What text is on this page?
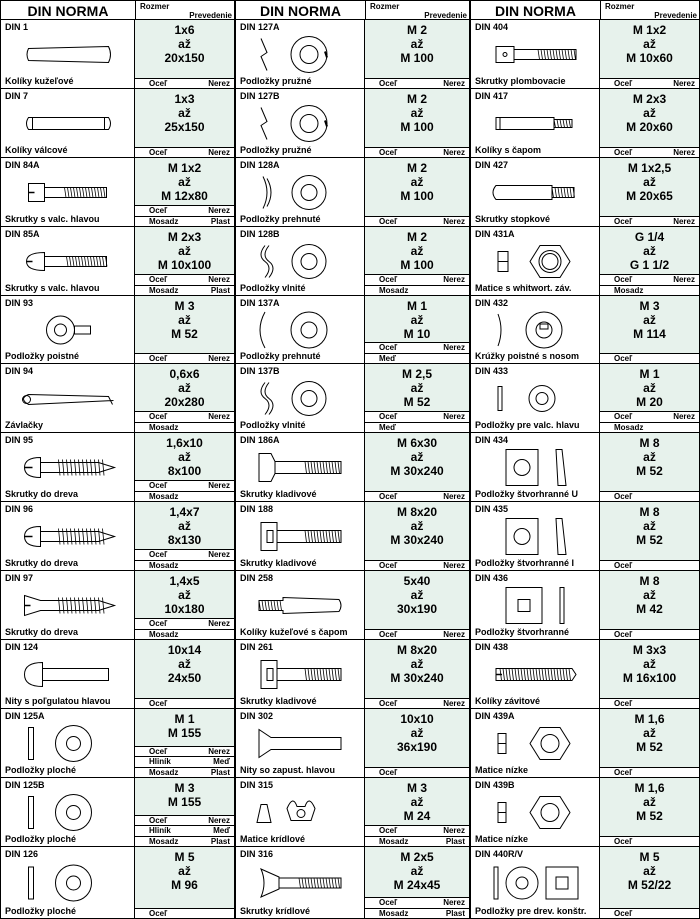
DIN NORMA	Rozmer
Prevedenie
DIN 1
Kolíky kužeľové
1x6
až
20x150
Oceľ	Nerez
DIN 7
Kolíky válcové
1x3
až
25x150
Oceľ	Nerez
DIN 84A
Skrutky s valc. hlavou
M 1x2
až
M 12x80
Oceľ	Nerez
Mosadz	Plast
DIN 85A
Skrutky s valc. hlavou
M 2x3
až
M 10x100
Oceľ	Nerez
Mosadz	Plast
DIN 93
Podložky poistné
M 3
až
M 52
Oceľ	Nerez
DIN 94
Závlačky
0,6x6
až
20x280
Oceľ	Nerez
Mosadz
DIN 95
Skrutky do dreva
1,6x10
až
8x100
Oceľ	Nerez
Mosadz
DIN 96
Skrutky do dreva
1,4x7
až
8x130
Oceľ	Nerez
Mosadz
DIN 97
Skrutky do dreva
1,4x5
až
10x180
Oceľ	Nerez
Mosadz
DIN 124
Nity s poľgulatou hlavou
10x14
až
24x50
Oceľ
DIN 125A
Podložky ploché
M 1
M 155
Oceľ	Nerez
Hliník	Meď
Mosadz	Plast
DIN 125B
Podložky ploché
M 3
M 155
Oceľ	Nerez
Hliník	Meď
Mosadz	Plast
DIN 126
Podložky ploché
M 5
až
M 96
Oceľ
DIN NORMA	Rozmer
Prevedenie
DIN 127A
Podložky pružné
M 2
až
M 100
Oceľ	Nerez
DIN 127B
Podložky pružné
M 2
až
M 100
Oceľ	Nerez
DIN 128A
Podložky prehnuté
M 2
až
M 100
Oceľ	Nerez
DIN 128B
Podložky vlnité
M 2
až
M 100
Oceľ	Nerez
Mosadz
DIN 137A
Podložky prehnuté
M 1
až
M 10
Oceľ	Nerez
Meď
DIN 137B
Podložky vlnité
M 2,5
až
M 52
Oceľ	Nerez
Meď
DIN 186A
Skrutky kladivové
M 6x30
až
M 30x240
Oceľ	Nerez
DIN 188
Skrutky kladivové
M 8x20
až
M 30x240
Oceľ	Nerez
DIN 258
Kolíky kužeľové s čapom
5x40
až
30x190
Oceľ	Nerez
DIN 261
Skrutky kladivové
M 8x20
až
M 30x240
Oceľ	Nerez
DIN 302
Nity so zapust. hlavou
10x10
až
36x190
Oceľ
DIN 315
Matice krídlové
M 3
až
M 24
Oceľ	Nerez
Mosadz	Plast
DIN 316
Skrutky krídlové
M 2x5
až
M 24x45
Oceľ	Nerez
Mosadz	Plast
DIN NORMA	Rozmer
Prevedenie
DIN 404
Skrutky plombovacie
M 1x2
až
M 10x60
Oceľ	Nerez
DIN 417
Kolíky s čapom
M 2x3
až
M 20x60
Oceľ	Nerez
DIN 427
Skrutky stopkové
M 1x2,5
až
M 20x65
Oceľ	Nerez
DIN 431A
Matice s whitwort. záv.
G 1/4
až
G 1 1/2
Oceľ	Nerez
Mosadz
DIN 432
Krúžky poistné s nosom
M 3
až
M 114
Oceľ
DIN 433
Podložky pre valc. hlavu
M 1
až
M 20
Oceľ	Nerez
Mosadz
DIN 434
Podložky štvorhranné U
M 8
až
M 52
Oceľ
DIN 435
Podložky štvorhranné I
M 8
až
M 52
Oceľ
DIN 436
Podložky štvorhranné
M 8
až
M 42
Oceľ
DIN 438
Kolíky závitové
M 3x3
až
M 16x100
Oceľ
DIN 439A
Matice nízke
M 1,6
až
M 52
Oceľ
DIN 439B
Matice nízke
M 1,6
až
M 52
Oceľ
DIN 440R/V
Podložky pre drev. konštr.
M 5
až
M 52/22
Oceľ
